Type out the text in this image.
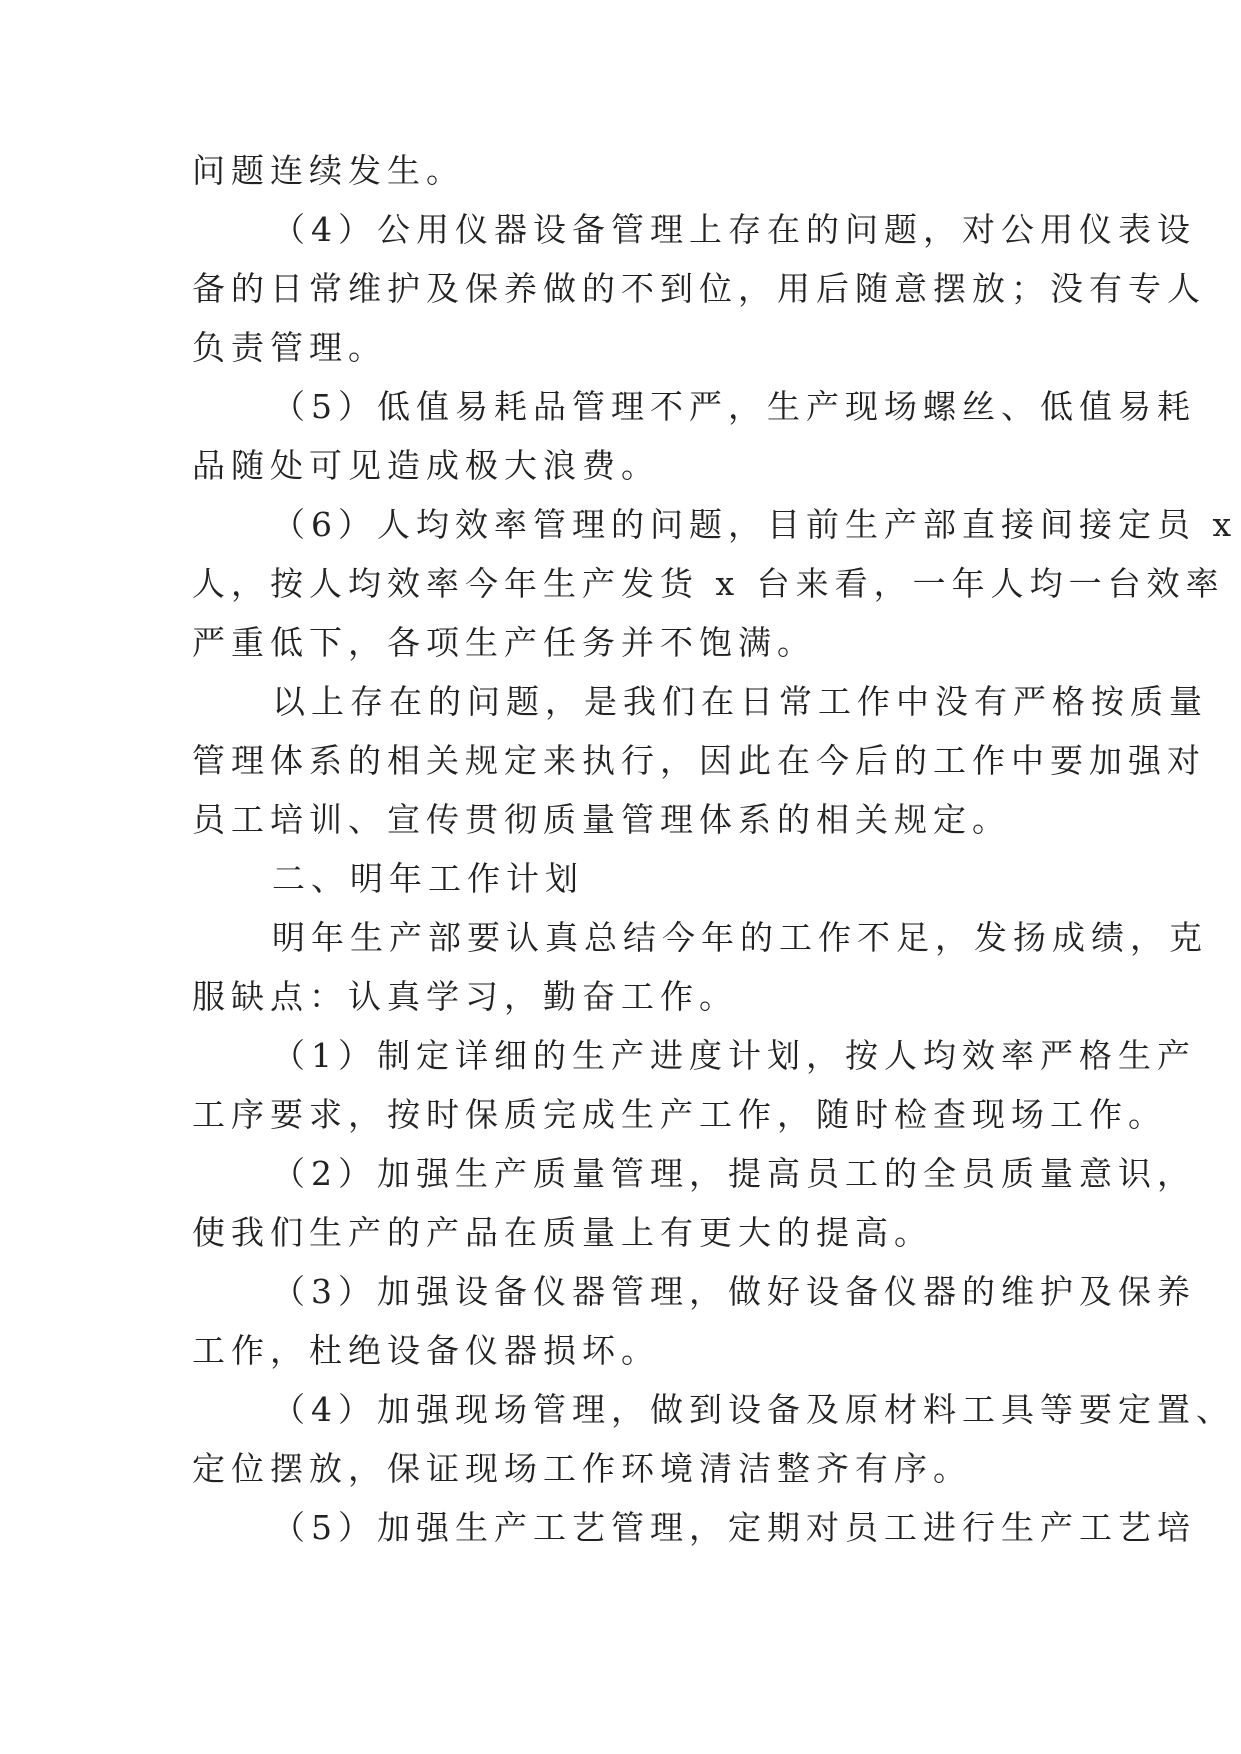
问题连续发生。
（4）公用仪器设备管理上存在的问题，对公用仪表设
备的日常维护及保养做的不到位，用后随意摆放；没有专人
负责管理。
（5）低值易耗品管理不严，生产现场螺丝、低值易耗
品随处可见造成极大浪费。
（6）人均效率管理的问题，目前生产部直接间接定员 x
人，按人均效率今年生产发货 x 台来看，一年人均一台效率
严重低下，各项生产任务并不饱满。
以上存在的问题，是我们在日常工作中没有严格按质量
管理体系的相关规定来执行，因此在今后的工作中要加强对
员工培训、宣传贯彻质量管理体系的相关规定。
二、明年工作计划
明年生产部要认真总结今年的工作不足，发扬成绩，克
服缺点：认真学习，勤奋工作。
（1）制定详细的生产进度计划，按人均效率严格生产
工序要求，按时保质完成生产工作，随时检查现场工作。
（2）加强生产质量管理，提高员工的全员质量意识，
使我们生产的产品在质量上有更大的提高。
（3）加强设备仪器管理，做好设备仪器的维护及保养
工作，杜绝设备仪器损坏。
（4）加强现场管理，做到设备及原材料工具等要定置、
定位摆放，保证现场工作环境清洁整齐有序。
（5）加强生产工艺管理，定期对员工进行生产工艺培
